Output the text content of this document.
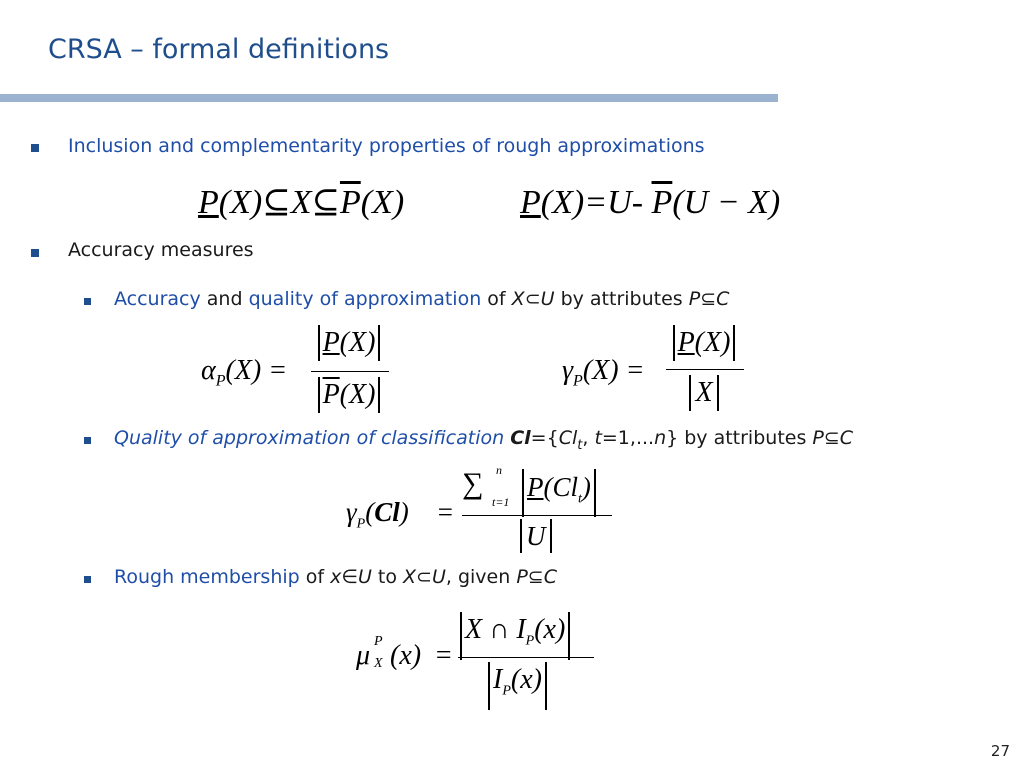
CRSA – formal definitions
Inclusion and complementarity properties of rough approximations
$P(X)⊆X⊆\overline{P}(X)$	P(X)=U- $\overline{P}(U - X)$
Accuracy measures
Accuracy and quality of approximation of X⊂U by attributes P⊆C
$\alpha_P(X)$ =
P(X)
$\overline{P}(X)$
$\gamma_P(X)$ =
P(X)
X
Quality of approximation of classification $Cl=\{Cl_t$, t=1,...n} by attributes P⊆C
$\gamma_P(Cl)$ =
∑ n
t=1 $P(Cl_t)$
U
Rough membership of x∈U to X⊂U, given P⊆C
μ P
X (x) =
X ∩ $I_P(x)$
$I_P(x)$
27
